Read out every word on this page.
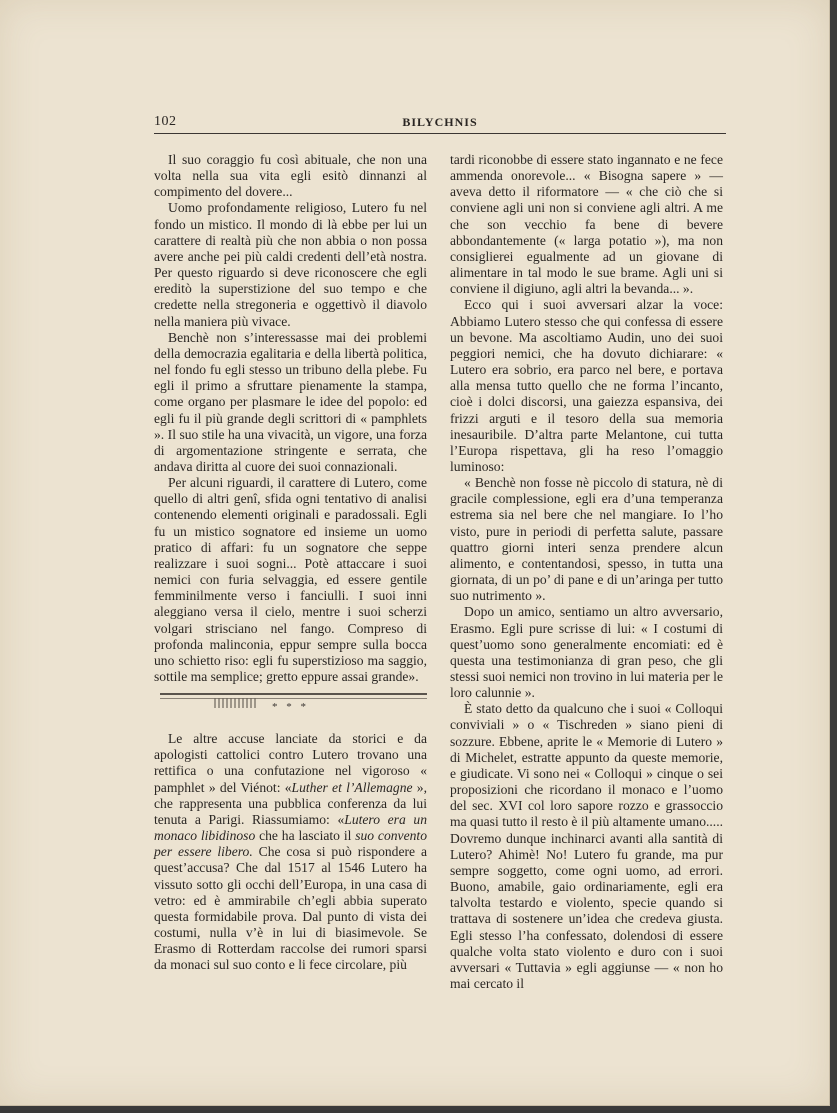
102	BILYCHNIS

Il suo coraggio fu così abituale, che non una volta nella sua vita egli esitò dinnanzi al compimento del dovere...

Uomo profondamente religioso, Lutero fu nel fondo un mistico. Il mondo di là ebbe per lui un carattere di realtà più che non abbia o non possa avere anche pei più caldi credenti dell’età nostra. Per questo riguardo si deve riconoscere che egli ereditò la superstizione del suo tempo e che credette nella stregoneria e oggettivò il diavolo nella maniera più vivace.

Benchè non s’interessasse mai dei problemi della democrazia egalitaria e della libertà politica, nel fondo fu egli stesso un tribuno della plebe. Fu egli il primo a sfruttare pienamente la stampa, come organo per plasmare le idee del popolo: ed egli fu il più grande degli scrittori di « pamphlets ». Il suo stile ha una vivacità, un vigore, una forza di argomentazione stringente e serrata, che andava diritta al cuore dei suoi connazionali.

Per alcuni riguardi, il carattere di Lutero, come quello di altri genî, sfida ogni tentativo di analisi contenendo elementi originali e paradossali. Egli fu un mistico sognatore ed insieme un uomo pratico di affari: fu un sognatore che seppe realizzare i suoi sogni... Potè attaccare i suoi nemici con furia selvaggia, ed essere gentile femminilmente verso i fanciulli. I suoi inni aleggiano versa il cielo, mentre i suoi scherzi volgari strisciano nel fango. Compreso di profonda malinconia, eppur sempre sulla bocca uno schietto riso: egli fu superstizioso ma saggio, sottile ma semplice; gretto eppure assai grande».

* * *

Le altre accuse lanciate da storici e da apologisti cattolici contro Lutero trovano una rettifica o una confutazione nel vigoroso « pamphlet » del Viénot: «Luther et l’Allemagne », che rappresenta una pubblica conferenza da lui tenuta a Parigi. Riassumiamo: «Lutero era un monaco libidinoso che ha lasciato il suo convento per essere libero. Che cosa si può rispondere a quest’accusa? Che dal 1517 al 1546 Lutero ha vissuto sotto gli occhi dell’Europa, in una casa di vetro: ed è ammirabile ch’egli abbia superato questa formidabile prova. Dal punto di vista dei costumi, nulla v’è in lui di biasimevole. Se Erasmo di Rotterdam raccolse dei rumori sparsi da monaci sul suo conto e li fece circolare, più

tardi riconobbe di essere stato ingannato e ne fece ammenda onorevole... « Bisogna sapere » — aveva detto il riformatore — « che ciò che si conviene agli uni non si conviene agli altri. A me che son vecchio fa bene di bevere abbondantemente (« larga potatio »), ma non consiglierei egualmente ad un giovane di alimentare in tal modo le sue brame. Agli uni si conviene il digiuno, agli altri la bevanda... ».

Ecco qui i suoi avversari alzar la voce: Abbiamo Lutero stesso che qui confessa di essere un bevone. Ma ascoltiamo Audin, uno dei suoi peggiori nemici, che ha dovuto dichiarare: « Lutero era sobrio, era parco nel bere, e portava alla mensa tutto quello che ne forma l’incanto, cioè i dolci discorsi, una gaiezza espansiva, dei frizzi arguti e il tesoro della sua memoria inesauribile. D’altra parte Melantone, cui tutta l’Europa rispettava, gli ha reso l’omaggio luminoso:

« Benchè non fosse nè piccolo di statura, nè di gracile complessione, egli era d’una temperanza estrema sia nel bere che nel mangiare. Io l’ho visto, pure in periodi di perfetta salute, passare quattro giorni interi senza prendere alcun alimento, e contentandosi, spesso, in tutta una giornata, di un po’ di pane e di un’aringa per tutto suo nutrimento ».

Dopo un amico, sentiamo un altro avversario, Erasmo. Egli pure scrisse di lui: « I costumi di quest’uomo sono generalmente encomiati: ed è questa una testimonianza di gran peso, che gli stessi suoi nemici non trovino in lui materia per le loro calunnie ».

È stato detto da qualcuno che i suoi « Colloqui conviviali » o « Tischreden » siano pieni di sozzure. Ebbene, aprite le « Memorie di Lutero » di Michelet, estratte appunto da queste memorie, e giudicate. Vi sono nei « Colloqui » cinque o sei proposizioni che ricordano il monaco e l’uomo del sec. XVI col loro sapore rozzo e grassoccio ma quasi tutto il resto è il più altamente umano..... Dovremo dunque inchinarci avanti alla santità di Lutero? Ahimè! No! Lutero fu grande, ma pur sempre soggetto, come ogni uomo, ad errori. Buono, amabile, gaio ordinariamente, egli era talvolta testardo e violento, specie quando si trattava di sostenere un’idea che credeva giusta. Egli stesso l’ha confessato, dolendosi di essere qualche volta stato violento e duro con i suoi avversari « Tuttavia » egli aggiunse — « non ho mai cercato il
